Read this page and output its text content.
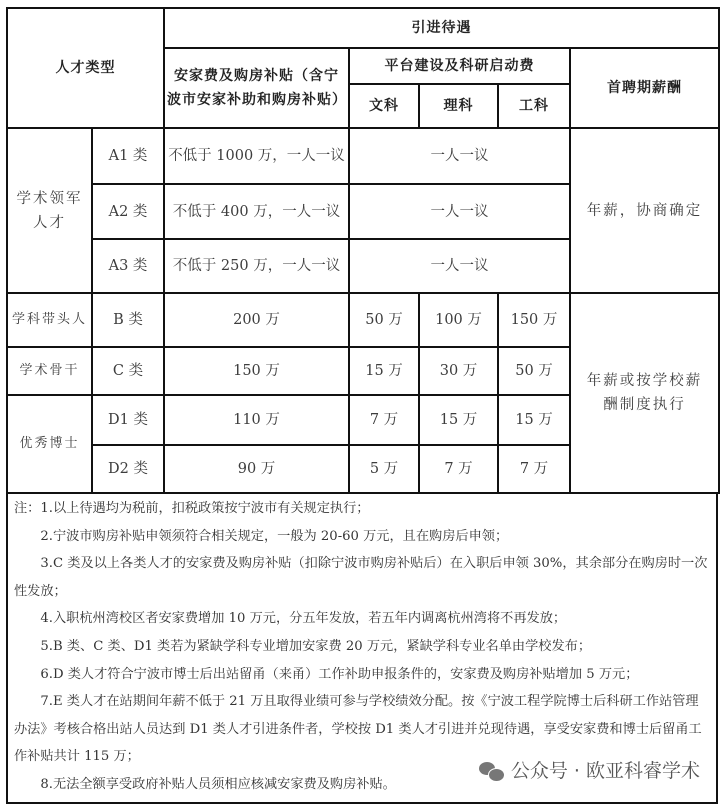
人才类型		引进待遇				
		安家费及购房补贴（含宁波市安家补助和购房补贴）	平台建设及科研启动费			首聘期薪酬
			文科	理科	工科	
学术领军人才	A1 类	不低于 1000 万，一人一议	一人一议			年薪，协商确定
	A2 类	不低于 400 万，一人一议	一人一议			
	A3 类	不低于 250 万，一人一议	一人一议			
学科带头人	B 类	200 万	50 万	100 万	150 万	年薪或按学校薪酬制度执行
学术骨干	C 类	150 万	15 万	30 万	50 万	
优秀博士	D1 类	110 万	7 万	15 万	15 万	
	D2 类	90 万	5 万	7 万	7 万	

注：1.以上待遇均为税前，扣税政策按宁波市有关规定执行；

2.宁波市购房补贴申领须符合相关规定，一般为 20-60 万元，且在购房后申领；

3.C 类及以上各类人才的安家费及购房补贴（扣除宁波市购房补贴后）在入职后申领 30%，其余部分在购房时一次性发放；

4.入职杭州湾校区者安家费增加 10 万元，分五年发放，若五年内调离杭州湾将不再发放；

5.B 类、C 类、D1 类若为紧缺学科专业增加安家费 20 万元，紧缺学科专业名单由学校发布；

6.D 类人才符合宁波市博士后出站留甬（来甬）工作补助申报条件的，安家费及购房补贴增加 5 万元；

7.E 类人才在站期间年薪不低于 21 万且取得业绩可参与学校绩效分配。按《宁波工程学院博士后科研工作站管理办法》考核合格出站人员达到 D1 类人才引进条件者，学校按 D1 类人才引进并兑现待遇，享受安家费和博士后留甬工作补贴共计 115 万；

8.无法全额享受政府补贴人员须相应核减安家费及购房补贴。

公众号 · 欧亚科睿学术
